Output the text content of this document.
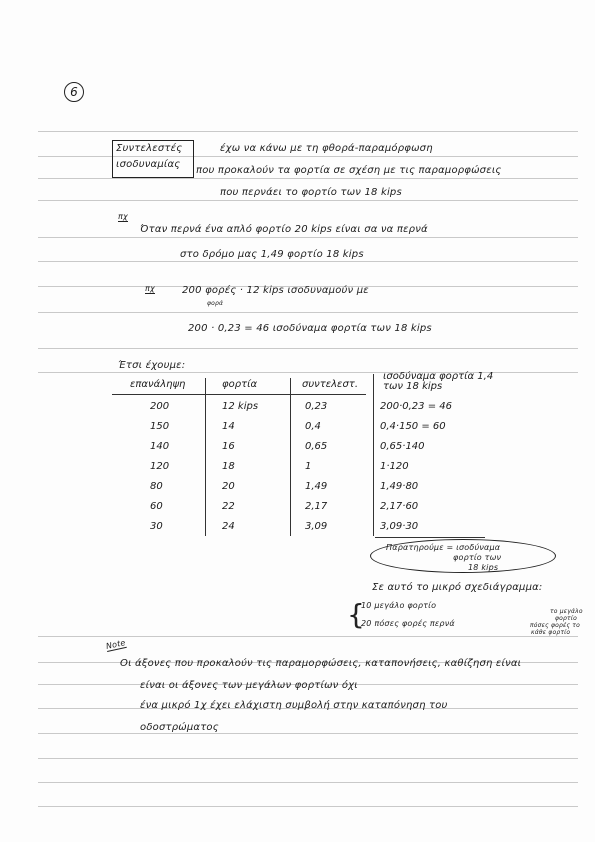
6
Συντελεστές
ισοδυναμίας
έχω να κάνω με τη φθορά-παραμόρφωση
που προκαλούν τα φορτία σε σχέση με τις παραμορφώσεις
που περνάει το φορτίο των 18 kips
πχ
Όταν περνά ένα απλό φορτίο 20 kips είναι σα να περνά
στο δρόμο μας 1,49 φορτίο 18 kips
πχ	200 φορές · 12 kips ισοδυναμούν με
φορά
200 · 0,23 = 46 ισοδύναμα φορτία των 18 kips
Έτσι έχουμε:
επανάληψη	φορτία	συντελεστ.
ισοδύναμα φορτία 1,4 των 18 kips
200	12 kips	0,23	200·0,23 = 46
150	14	0,4	0,4·150 = 60
140	16	0,65	0,65·140
120	18	1	1·120
80	20	1,49	1,49·80
60	22	2,17	2,17·60
30	24	3,09	3,09·30
Παρατηρούμε = ισοδύναμα
φορτίο των
18 kips
Σε αυτό το μικρό σχεδιάγραμμα:
{
10 μεγάλο φορτίο
20 πόσες φορές περνά
το μεγάλο
φορτίο
πόσες φορές το
κάθε φορτίο
Note
Οι άξονες που προκαλούν τις παραμορφώσεις, καταπονήσεις, καθίζηση είναι
είναι οι άξονες των μεγάλων φορτίων όχι
ένα μικρό 1χ έχει ελάχιστη συμβολή στην καταπόνηση του
οδοστρώματος
